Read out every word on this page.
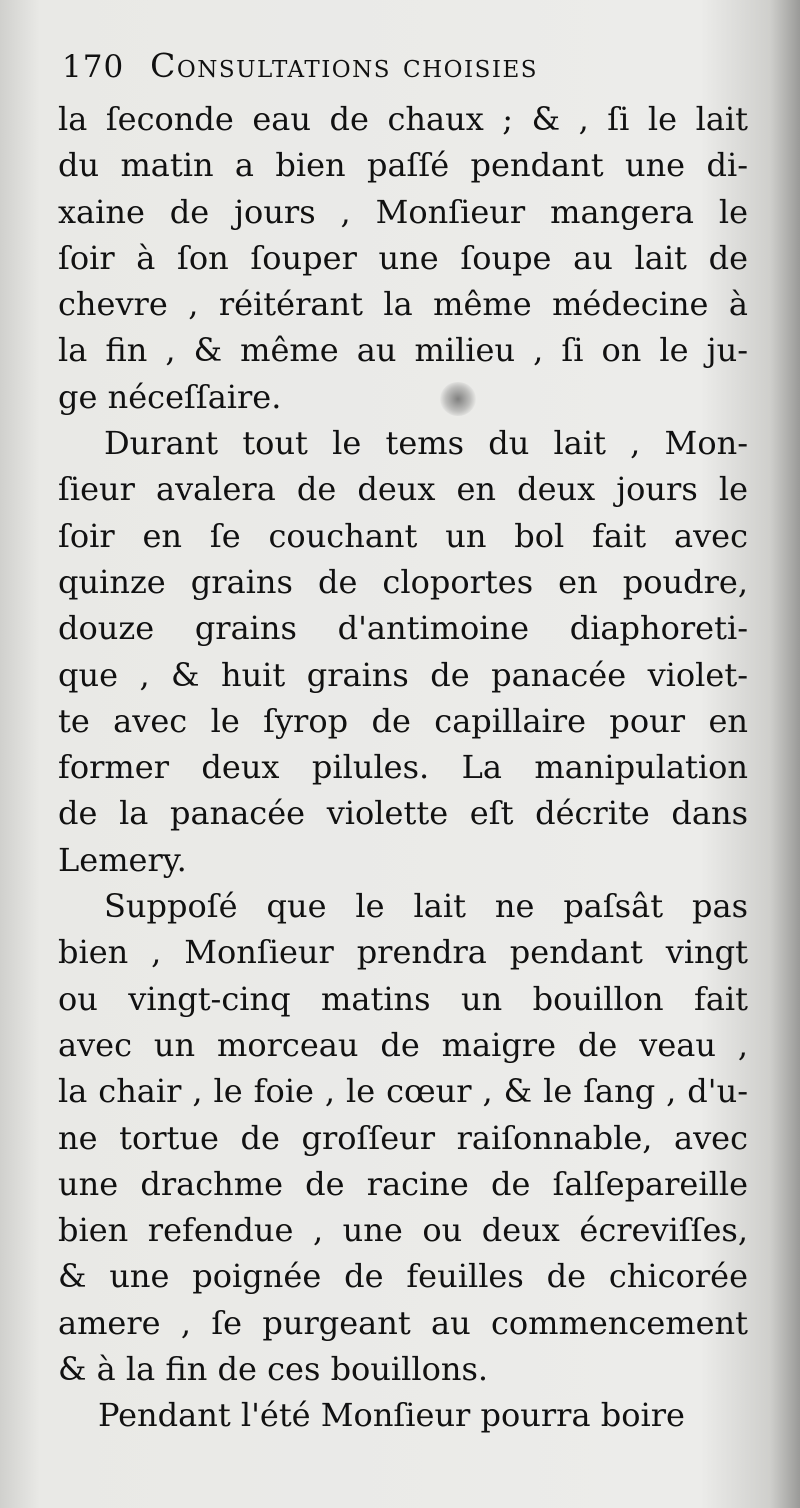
170 Consultations choisies
la ſeconde eau de chaux ; & , ſi le lait
du matin a bien paſſé pendant une di-
xaine de jours , Monſieur mangera le
ſoir à ſon ſouper une ſoupe au lait de
chevre , réitérant la même médecine à
la fin , & même au milieu , ſi on le ju-
ge néceſſaire.
Durant tout le tems du lait , Mon-
ſieur avalera de deux en deux jours le
ſoir en ſe couchant un bol fait avec
quinze grains de cloportes en poudre,
douze grains d'antimoine diaphoreti-
que , & huit grains de panacée violet-
te avec le ſyrop de capillaire pour en
former deux pilules. La manipulation
de la panacée violette eſt décrite dans
Lemery.
Suppoſé que le lait ne paſsât pas
bien , Monſieur prendra pendant vingt
ou vingt-cinq matins un bouillon fait
avec un morceau de maigre de veau ,
la chair , le foie , le cœur , & le ſang , d'u-
ne tortue de groſſeur raiſonnable, avec
une drachme de racine de ſalſepareille
bien refendue , une ou deux écreviſſes,
& une poignée de feuilles de chicorée
amere , ſe purgeant au commencement
& à la fin de ces bouillons.
Pendant l'été Monſieur pourra boire
